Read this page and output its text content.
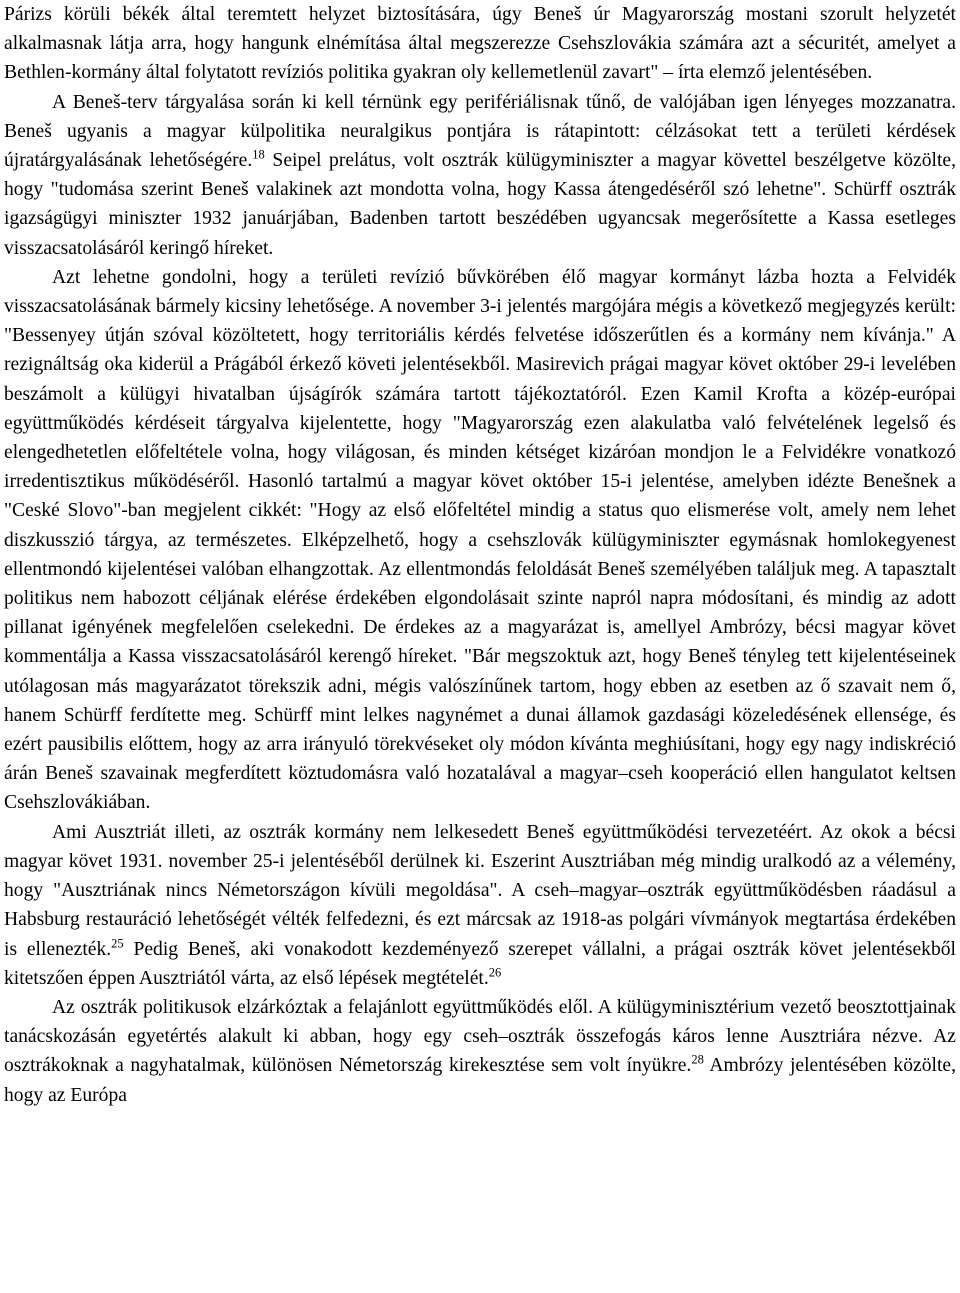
Párizs körüli békék által teremtett helyzet biztosítására, úgy Beneš úr Magyarország mostani szorult helyzetét alkalmasnak látja arra, hogy hangunk elnémítása által megszerezze Csehszlovákia számára azt a sécuritét, amelyet a Bethlen-kormány által folytatott revíziós politika gyakran oly kellemetlenül zavart" – írta elemző jelentésében.

A Beneš-terv tárgyalása során ki kell térnünk egy perifériálisnak tűnő, de valójában igen lényeges mozzanatra. Beneš ugyanis a magyar külpolitika neuralgikus pontjára is rátapintott: célzásokat tett a területi kérdések újratárgyalásának lehetőségére.$^{18}$ Seipel prelátus, volt osztrák külügyminiszter a magyar követtel beszélgetve közölte, hogy "tudomása szerint Beneš valakinek azt mondotta volna, hogy Kassa átengedéséről szó lehetne". Schürff osztrák igazságügyi miniszter 1932 januárjában, Badenben tartott beszédében ugyancsak megerősítette a Kassa esetleges visszacsatolásáról keringő híreket.

Azt lehetne gondolni, hogy a területi revízió bűvkörében élő magyar kormányt lázba hozta a Felvidék visszacsatolásának bármely kicsiny lehetősége. A november 3-i jelentés margójára mégis a következő megjegyzés került: "Bessenyey útján szóval közöltetett, hogy territoriális kérdés felvetése időszerűtlen és a kormány nem kívánja." A rezignáltság oka kiderül a Prágából érkező követi jelentésekből. Masirevich prágai magyar követ október 29-i levelében beszámolt a külügyi hivatalban újságírók számára tartott tájékoztatóról. Ezen Kamil Krofta a közép-európai együttműködés kérdéseit tárgyalva kijelentette, hogy "Magyarország ezen alakulatba való felvételének legelső és elengedhetetlen előfeltétele volna, hogy világosan, és minden kétséget kizáróan mondjon le a Felvidékre vonatkozó irredentisztikus működéséről. Hasonló tartalmú a magyar követ október 15-i jelentése, amelyben idézte Benešnek a "Ceské Slovo"-ban megjelent cikkét: "Hogy az első előfeltétel mindig a status quo elismerése volt, amely nem lehet diszkusszió tárgya, az természetes. Elképzelhető, hogy a csehszlovák külügyminiszter egymásnak homlokegyenest ellentmondó kijelentései valóban elhangzottak. Az ellentmondás feloldását Beneš személyében találjuk meg. A tapasztalt politikus nem habozott céljának elérése érdekében elgondolásait szinte napról napra módosítani, és mindig az adott pillanat igényének megfelelően cselekedni. De érdekes az a magyarázat is, amellyel Ambrózy, bécsi magyar követ kommentálja a Kassa visszacsatolásáról kerengő híreket. "Bár megszoktuk azt, hogy Beneš tényleg tett kijelentéseinek utólagosan más magyarázatot törekszik adni, mégis valószínűnek tartom, hogy ebben az esetben az ő szavait nem ő, hanem Schürff ferdítette meg. Schürff mint lelkes nagynémet a dunai államok gazdasági közeledésének ellensége, és ezért pausibilis előttem, hogy az arra irányuló törekvéseket oly módon kívánta meghiúsítani, hogy egy nagy indiskréció árán Beneš szavainak megferdített köztudomásra való hozatalával a magyar–cseh kooperáció ellen hangulatot keltsen Csehszlovákiában.

Ami Ausztriát illeti, az osztrák kormány nem lelkesedett Beneš együttműködési tervezetéért. Az okok a bécsi magyar követ 1931. november 25-i jelentéséből derülnek ki. Eszerint Ausztriában még mindig uralkodó az a vélemény, hogy "Ausztriának nincs Németországon kívüli megoldása". A cseh–magyar–osztrák együttműködésben ráadásul a Habsburg restauráció lehetőségét vélték felfedezni, és ezt márcsak az 1918-as polgári vívmányok megtartása érdekében is ellenezték.$^{25}$ Pedig Beneš, aki vonakodott kezdeményező szerepet vállalni, a prágai osztrák követ jelentésekből kitetszően éppen Ausztriától várta, az első lépések megtételét.$^{26}$

Az osztrák politikusok elzárkóztak a felajánlott együttműködés elől. A külügyminisztérium vezető beosztottjainak tanácskozásán egyetértés alakult ki abban, hogy egy cseh–osztrák összefogás káros lenne Ausztriára nézve. Az osztrákoknak a nagyhatalmak, különösen Németország kirekesztése sem volt ínyükre.$^{28}$ Ambrózy jelentésében közölte, hogy az Európa
